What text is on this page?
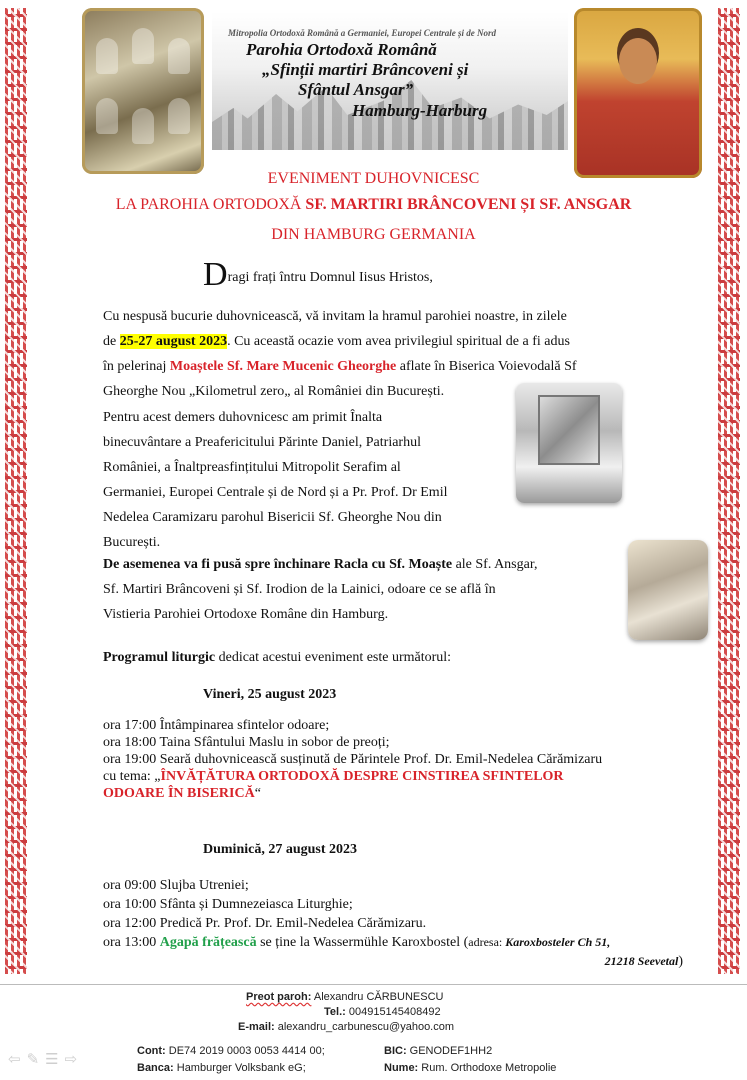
Mitropolia Ortodoxă Română a Germaniei, Europei Centrale și de Nord
Parohia Ortodoxă Română
„Sfinții martiri Brâncoveni și
Sfântul Ansgar”
Hamburg-Harburg
EVENIMENT DUHOVNICESC
LA PAROHIA ORTODOXĂ SF. MARTIRI BRÂNCOVENI ȘI SF. ANSGAR
DIN HAMBURG GERMANIA
Dragi frați întru Domnul Iisus Hristos,
Cu nespusă bucurie duhovnicească, vă invitam la hramul parohiei noastre, in zilele
de 25-27 august 2023. Cu această ocazie vom avea privilegiul spiritual de a fi adus
în pelerinaj Moaștele Sf. Mare Mucenic Gheorghe aflate în Biserica Voievodală Sf
Gheorghe Nou „Kilometrul zero„ al României din București.
Pentru acest demers duhovnicesc am primit Înalta
binecuvântare a Preafericitului Părinte Daniel, Patriarhul
României, a Înaltpreasfințitului Mitropolit Serafim al
Germaniei, Europei Centrale și de Nord și a Pr. Prof. Dr Emil
Nedelea Caramizaru parohul Bisericii Sf. Gheorghe Nou din
București.
De asemenea va fi pusă spre închinare Racla cu Sf. Moaște ale Sf. Ansgar,
Sf. Martiri Brâncoveni și Sf. Irodion de la Lainici, odoare ce se află în
Vistieria Parohiei Ortodoxe Române din Hamburg.
Programul liturgic dedicat acestui eveniment este următorul:
Vineri, 25 august 2023
ora 17:00 Întâmpinarea sfintelor odoare;
ora 18:00 Taina Sfântului Maslu in sobor de preoți;
ora 19:00 Seară duhovnicească susținută de Părintele Prof. Dr. Emil-Nedelea Cărămizaru
cu tema: „ÎNVĂȚĂTURA ORTODOXĂ DESPRE CINSTIREA SFINTELOR
ODOARE ÎN BISERICĂ“
Duminică, 27 august 2023
ora 09:00 Slujba Utreniei;
ora 10:00 Sfânta și Dumnezeiasca Liturghie;
ora 12:00 Predică Pr. Prof. Dr. Emil-Nedelea Cărămizaru.
ora 13:00 Agapă frățească se ține la Wassermühle Karoxbostel (adresa: Karoxbosteler Ch 51,
21218 Seevetal)
Preot paroh: Alexandru CĂRBUNESCU
Tel.: 004915145408492
E-mail: alexandru_carbunescu@yahoo.com
Cont: DE74 2019 0003 0053 4414 00;	BIC: GENODEF1HH2
Banca: Hamburger Volksbank eG;	Nume: Rum. Orthodoxe Metropolie
⇦✎☰⇨
